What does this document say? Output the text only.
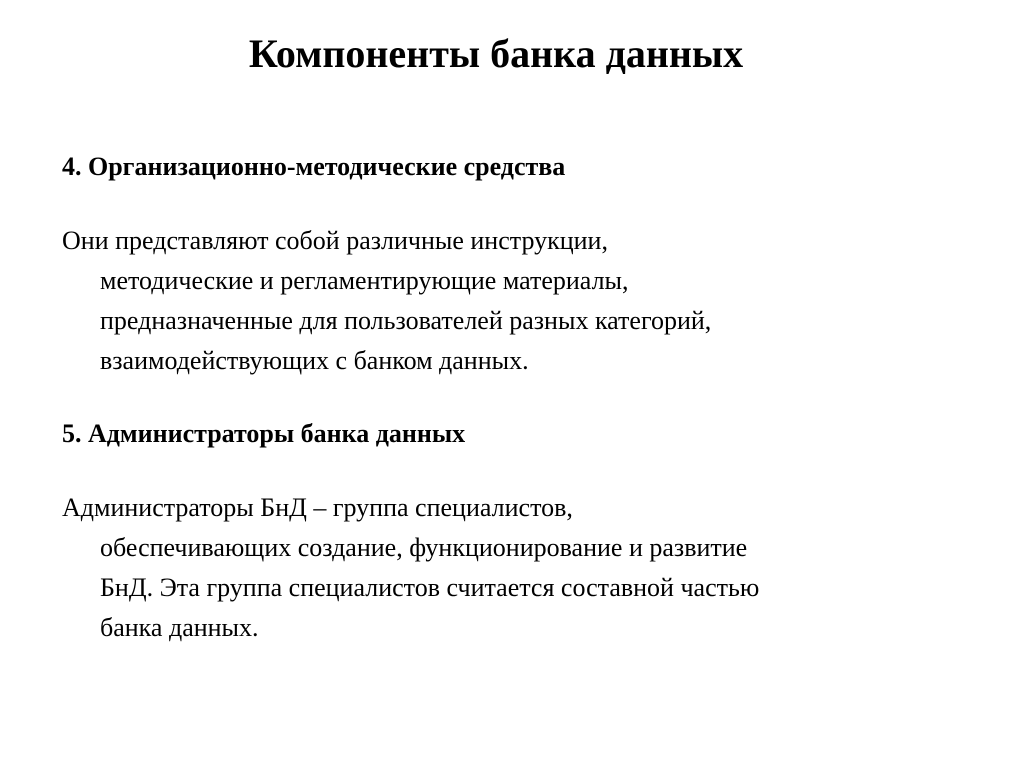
Компоненты банка данных

4. Организационно-методические средства

Они представляют собой различные инструкции,
методические и регламентирующие материалы,
предназначенные для пользователей разных категорий,
взаимодействующих с банком данных.

5. Администраторы банка данных

Администраторы БнД – группа специалистов,
обеспечивающих создание, функционирование и развитие
БнД. Эта группа специалистов считается составной частью
банка данных.
